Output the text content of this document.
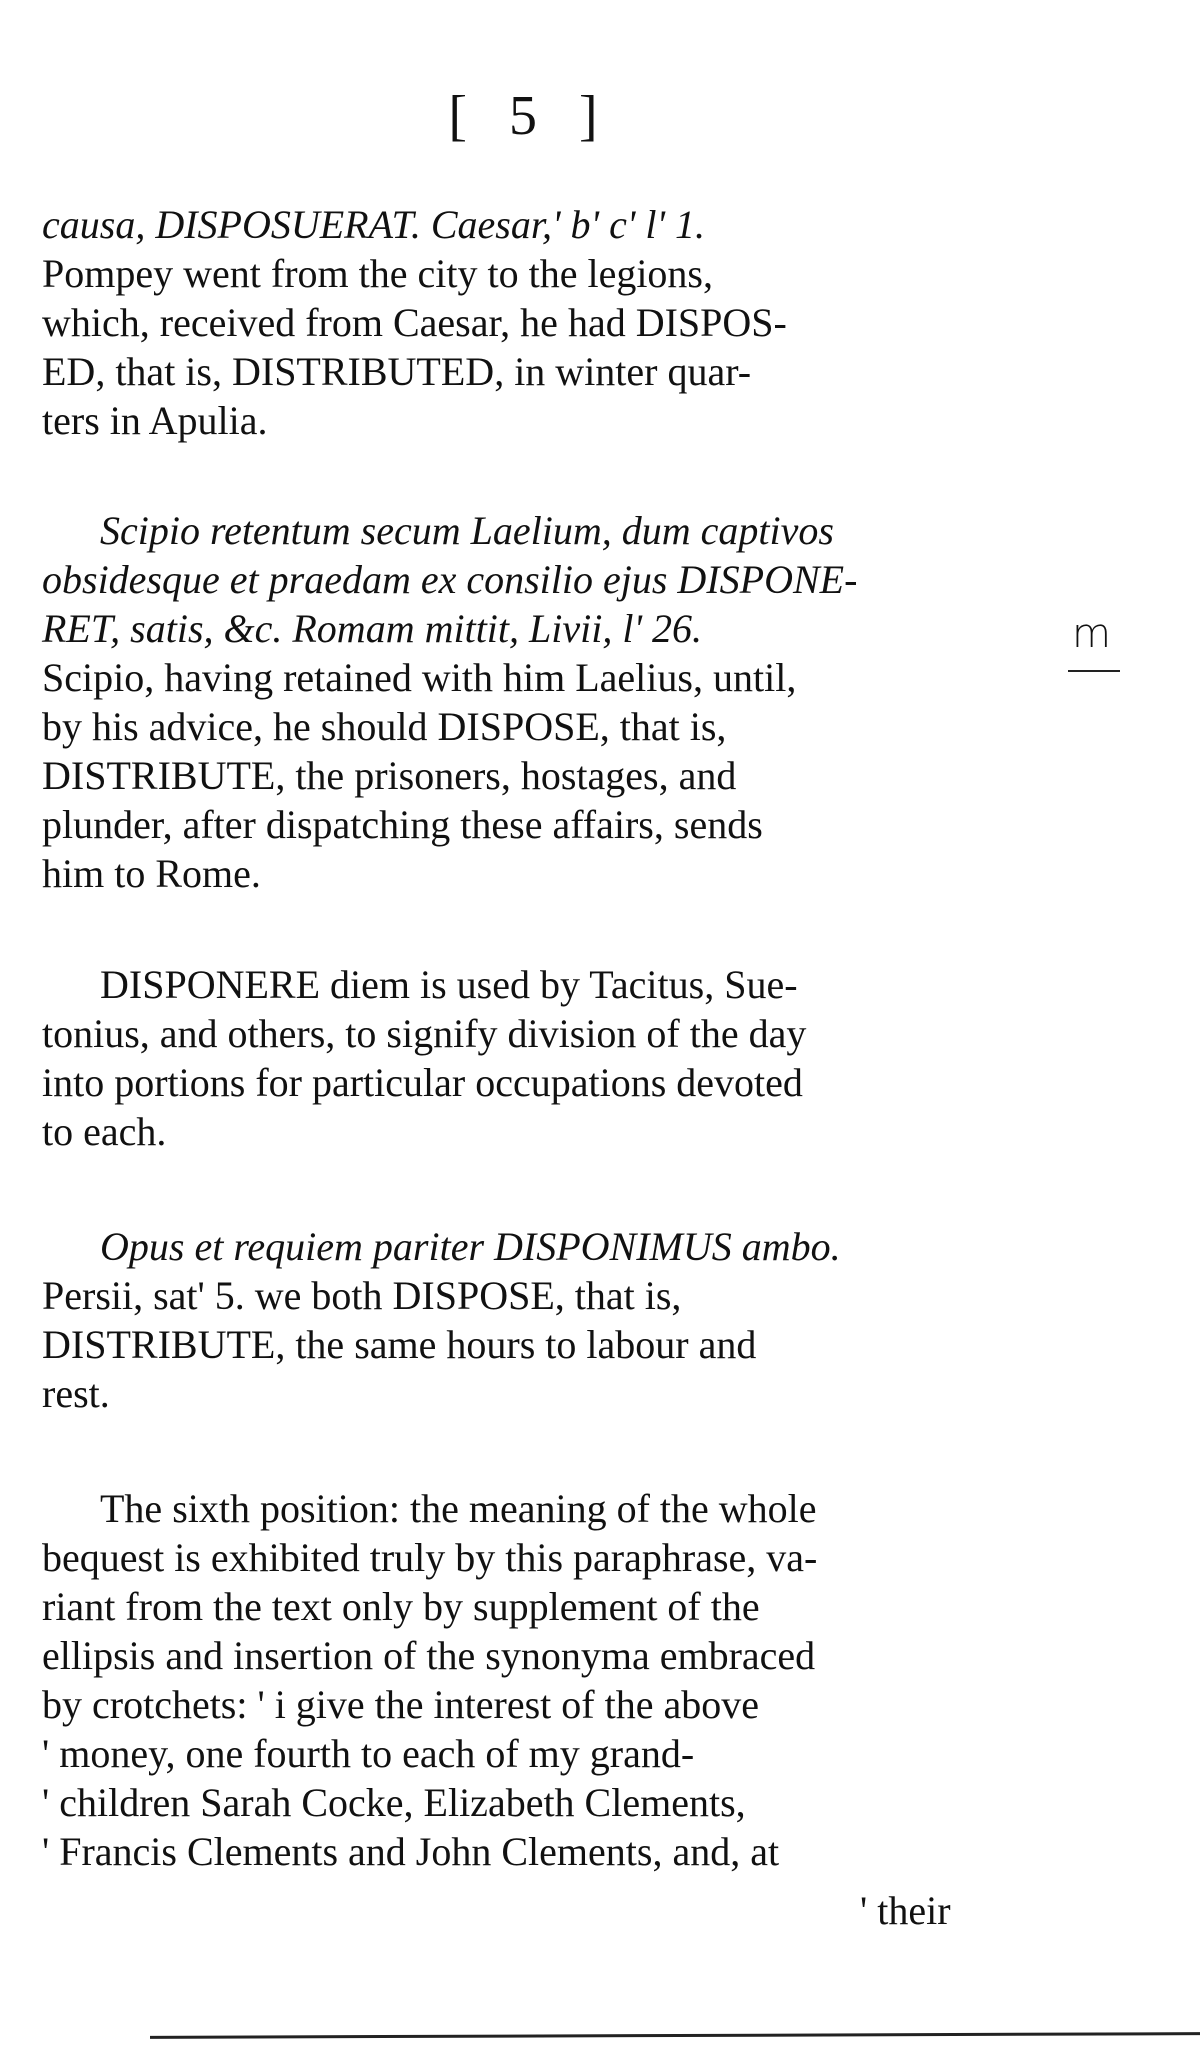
[ 5 ]
m
causa, DISPOSUERAT. Caesar,' b' c' l' 1.
Pompey went from the city to the legions,
which, received from Caesar, he had DISPOS-
ED, that is, DISTRIBUTED, in winter quar-
ters in Apulia.
Scipio retentum secum Laelium, dum captivos
obsidesque et praedam ex consilio ejus DISPONE-
RET, satis, &c. Romam mittit, Livii, l' 26.
Scipio, having retained with him Laelius, until,
by his advice, he should DISPOSE, that is,
DISTRIBUTE, the prisoners, hostages, and
plunder, after dispatching these affairs, sends
him to Rome.
DISPONERE diem is used by Tacitus, Sue-
tonius, and others, to signify division of the day
into portions for particular occupations devoted
to each.
Opus et requiem pariter DISPONIMUS ambo.
Persii, sat' 5. we both DISPOSE, that is,
DISTRIBUTE, the same hours to labour and
rest.
The sixth position: the meaning of the whole
bequest is exhibited truly by this paraphrase, va-
riant from the text only by supplement of the
ellipsis and insertion of the synonyma embraced
by crotchets: ' i give the interest of the above
' money, one fourth to each of my grand-
' children Sarah Cocke, Elizabeth Clements,
' Francis Clements and John Clements, and, at
' their
